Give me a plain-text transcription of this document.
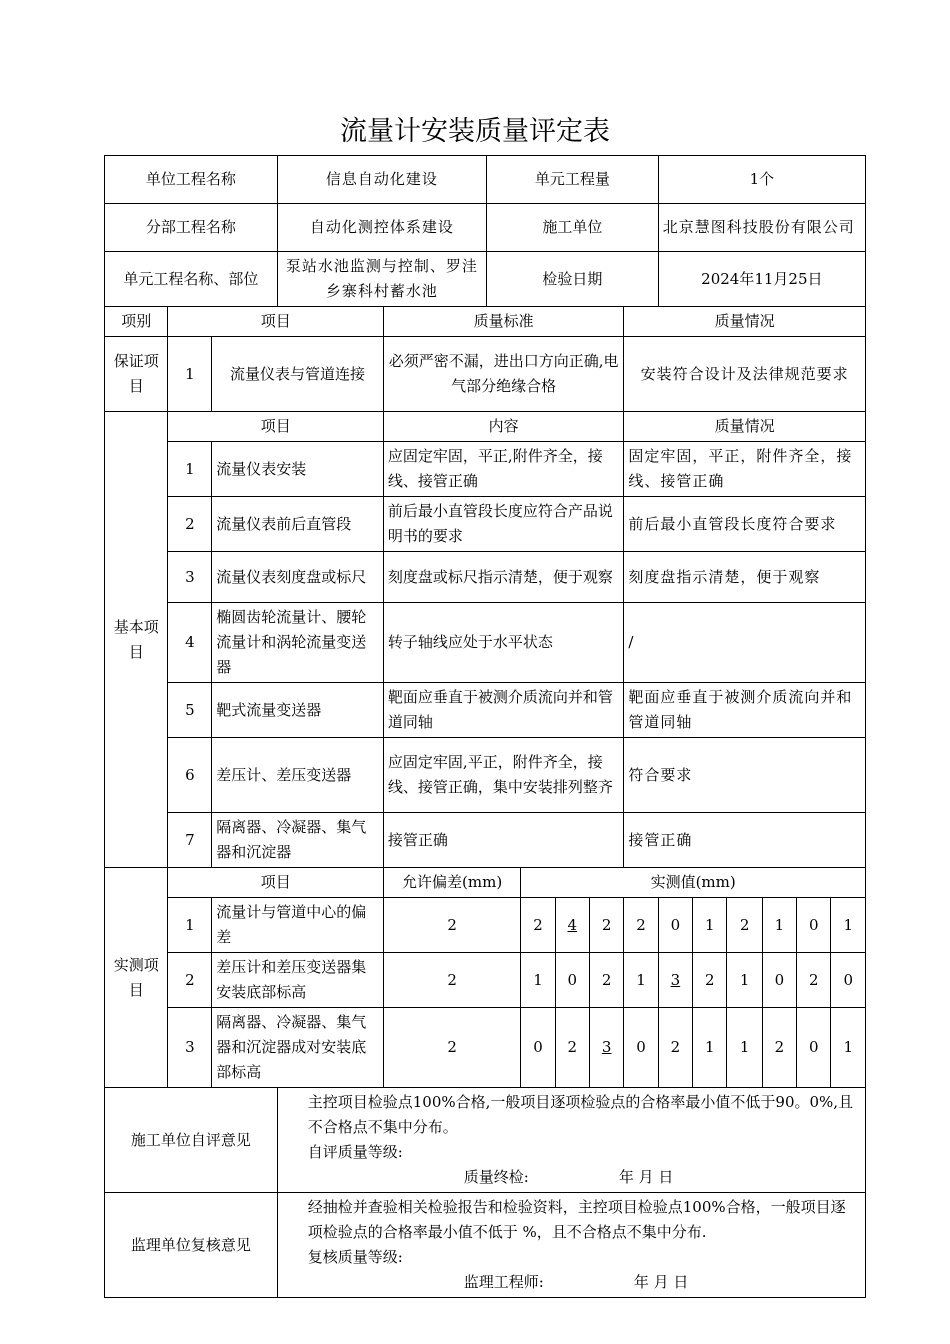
流量计安装质量评定表
单位工程名称			信息自动化建设		单元工程量					1个					
分部工程名称			自动化测控体系建设		施工单位					北京慧图科技股份有限公司					
单元工程名称、部位			泵站水池监测与控制、罗洼乡寨科村蓄水池		检验日期					2024年11月25日					
项别	项目			质量标准					质量情况						
保证项目	1	流量仪表与管道连接		必须严密不漏，进出口方向正确,电气部分绝缘合格					安装符合设计及法律规范要求						
基本项目	项目			内容					质量情况						
	1	流量仪表安装		应固定牢固，平正,附件齐全，接线、接管正确					固定牢固，平正，附件齐全，接线、接管正确						
	2	流量仪表前后直管段		前后最小直管段长度应符合产品说明书的要求					前后最小直管段长度符合要求						
	3	流量仪表刻度盘或标尺		刻度盘或标尺指示清楚，便于观察					刻度盘指示清楚，便于观察						
	4	椭圆齿轮流量计、腰轮流量计和涡轮流量变送器		转子轴线应处于水平状态					/						
	5	靶式流量变送器		靶面应垂直于被测介质流向并和管道同轴					靶面应垂直于被测介质流向并和管道同轴						
	6	差压计、差压变送器		应固定牢固,平正，附件齐全，接线、接管正确，集中安装排列整齐					符合要求						
	7	隔离器、冷凝器、集气器和沉淀器		接管正确					接管正确						
实测项目	项目			允许偏差(mm)		实测值(mm)									
	1	流量计与管道中心的偏差		2		2	4	2	2	0	1	2	1	0	1
	2	差压计和差压变送器集安装底部标高		2		1	0	2	1	3	2	1	0	2	0
	3	隔离器、冷凝器、集气器和沉淀器成对安装底部标高		2		0	2	3	0	2	1	1	2	0	1
施工单位自评意见			主控项目检验点100%合格,一般项目逐项检验点的合格率最小值不低于90。0%,且不合格点不集中分布。
自评质量等级:
质量终检: 年 月 日												

监理单位复核意见			经抽检并查验相关检验报告和检验资料，主控项目检验点100%合格，一般项目逐项检验点的合格率最小值不低于 %，且不合格点不集中分布.
复核质量等级:
监理工程师: 年 月 日												
